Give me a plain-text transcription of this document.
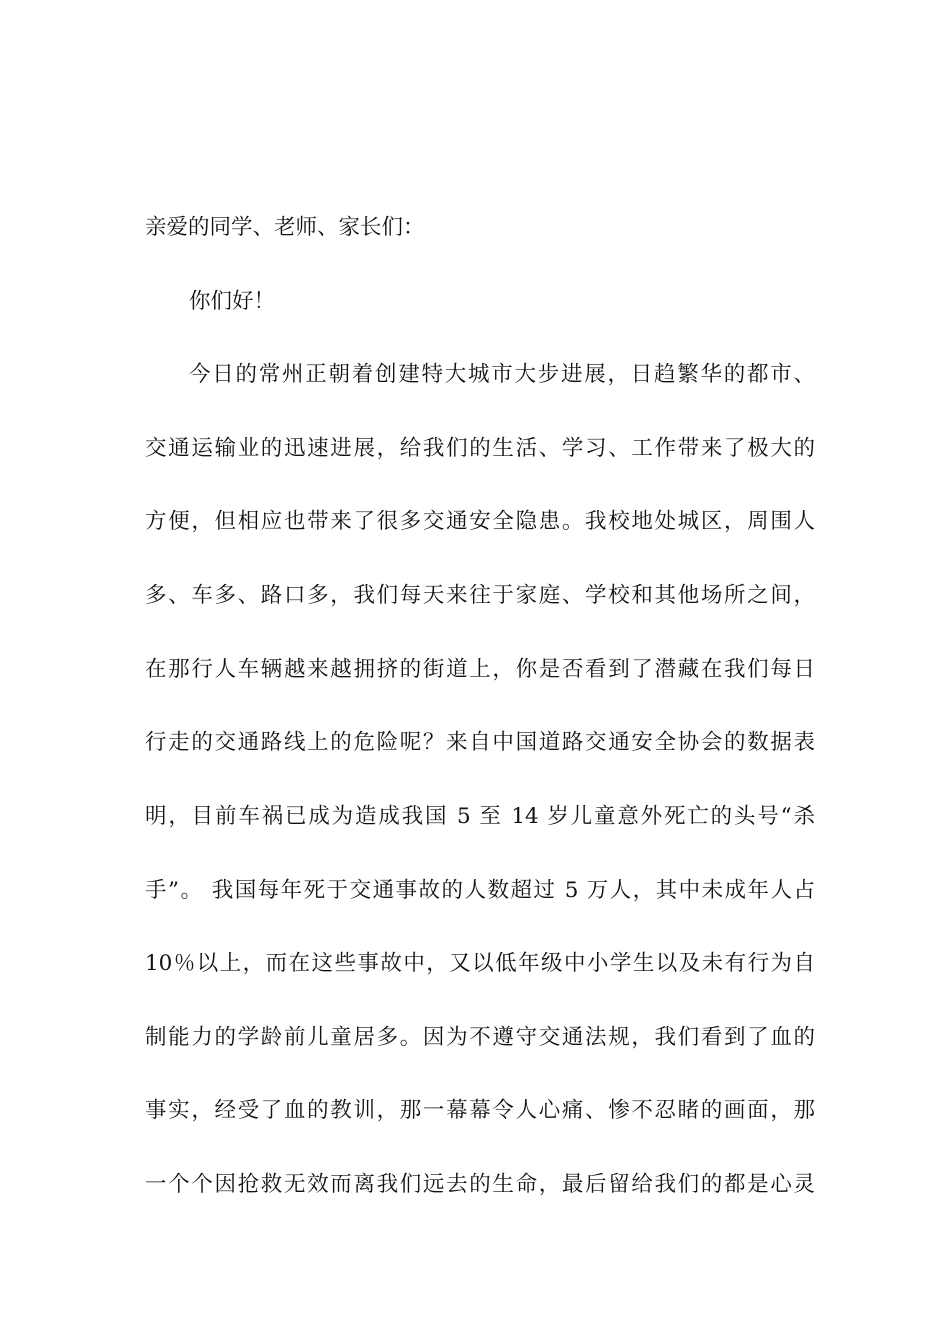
亲爱的同学、老师、家长们：
你们好！
今日的常州正朝着创建特大城市大步进展，日趋繁华的都市、
交通运输业的迅速进展，给我们的生活、学习、工作带来了极大的
方便，但相应也带来了很多交通安全隐患。我校地处城区，周围人
多、车多、路口多，我们每天来往于家庭、学校和其他场所之间，
在那行人车辆越来越拥挤的街道上，你是否看到了潜藏在我们每日
行走的交通路线上的危险呢？来自中国道路交通安全协会的数据表
明，目前车祸已成为造成我国 5 至 14 岁儿童意外死亡的头号“杀
手”。 我国每年死于交通事故的人数超过 5 万人，其中未成年人占
10％以上，而在这些事故中，又以低年级中小学生以及未有行为自
制能力的学龄前儿童居多。因为不遵守交通法规，我们看到了血的
事实，经受了血的教训，那一幕幕令人心痛、惨不忍睹的画面，那
一个个因抢救无效而离我们远去的生命，最后留给我们的都是心灵
